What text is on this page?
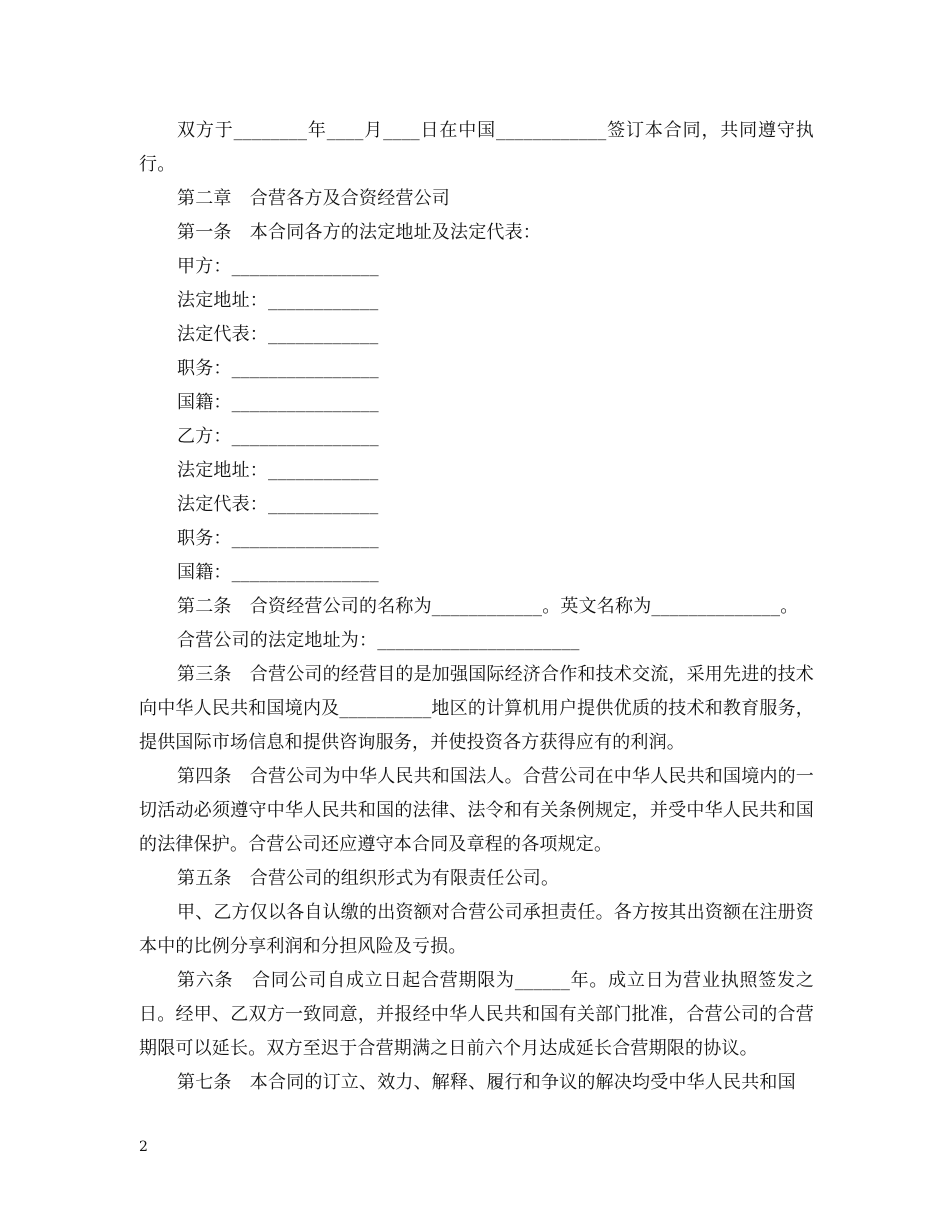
双方于________年____月____日在中国____________签订本合同，共同遵守执行。

第二章　合营各方及合资经营公司

第一条　本合同各方的法定地址及法定代表：

甲方：________________

法定地址：____________

法定代表：____________

职务：________________

国籍：________________

乙方：________________

法定地址：____________

法定代表：____________

职务：________________

国籍：________________

第二条　合资经营公司的名称为____________。英文名称为______________。

合营公司的法定地址为：______________________

第三条　合营公司的经营目的是加强国际经济合作和技术交流，采用先进的技术向中华人民共和国境内及__________地区的计算机用户提供优质的技术和教育服务，提供国际市场信息和提供咨询服务，并使投资各方获得应有的利润。

第四条　合营公司为中华人民共和国法人。合营公司在中华人民共和国境内的一切活动必须遵守中华人民共和国的法律、法令和有关条例规定，并受中华人民共和国的法律保护。合营公司还应遵守本合同及章程的各项规定。

第五条　合营公司的组织形式为有限责任公司。

甲、乙方仅以各自认缴的出资额对合营公司承担责任。各方按其出资额在注册资本中的比例分享利润和分担风险及亏损。

第六条　合同公司自成立日起合营期限为______年。成立日为营业执照签发之日。经甲、乙双方一致同意，并报经中华人民共和国有关部门批准，合营公司的合营期限可以延长。双方至迟于合营期满之日前六个月达成延长合营期限的协议。

第七条　本合同的订立、效力、解释、履行和争议的解决均受中华人民共和国

2
